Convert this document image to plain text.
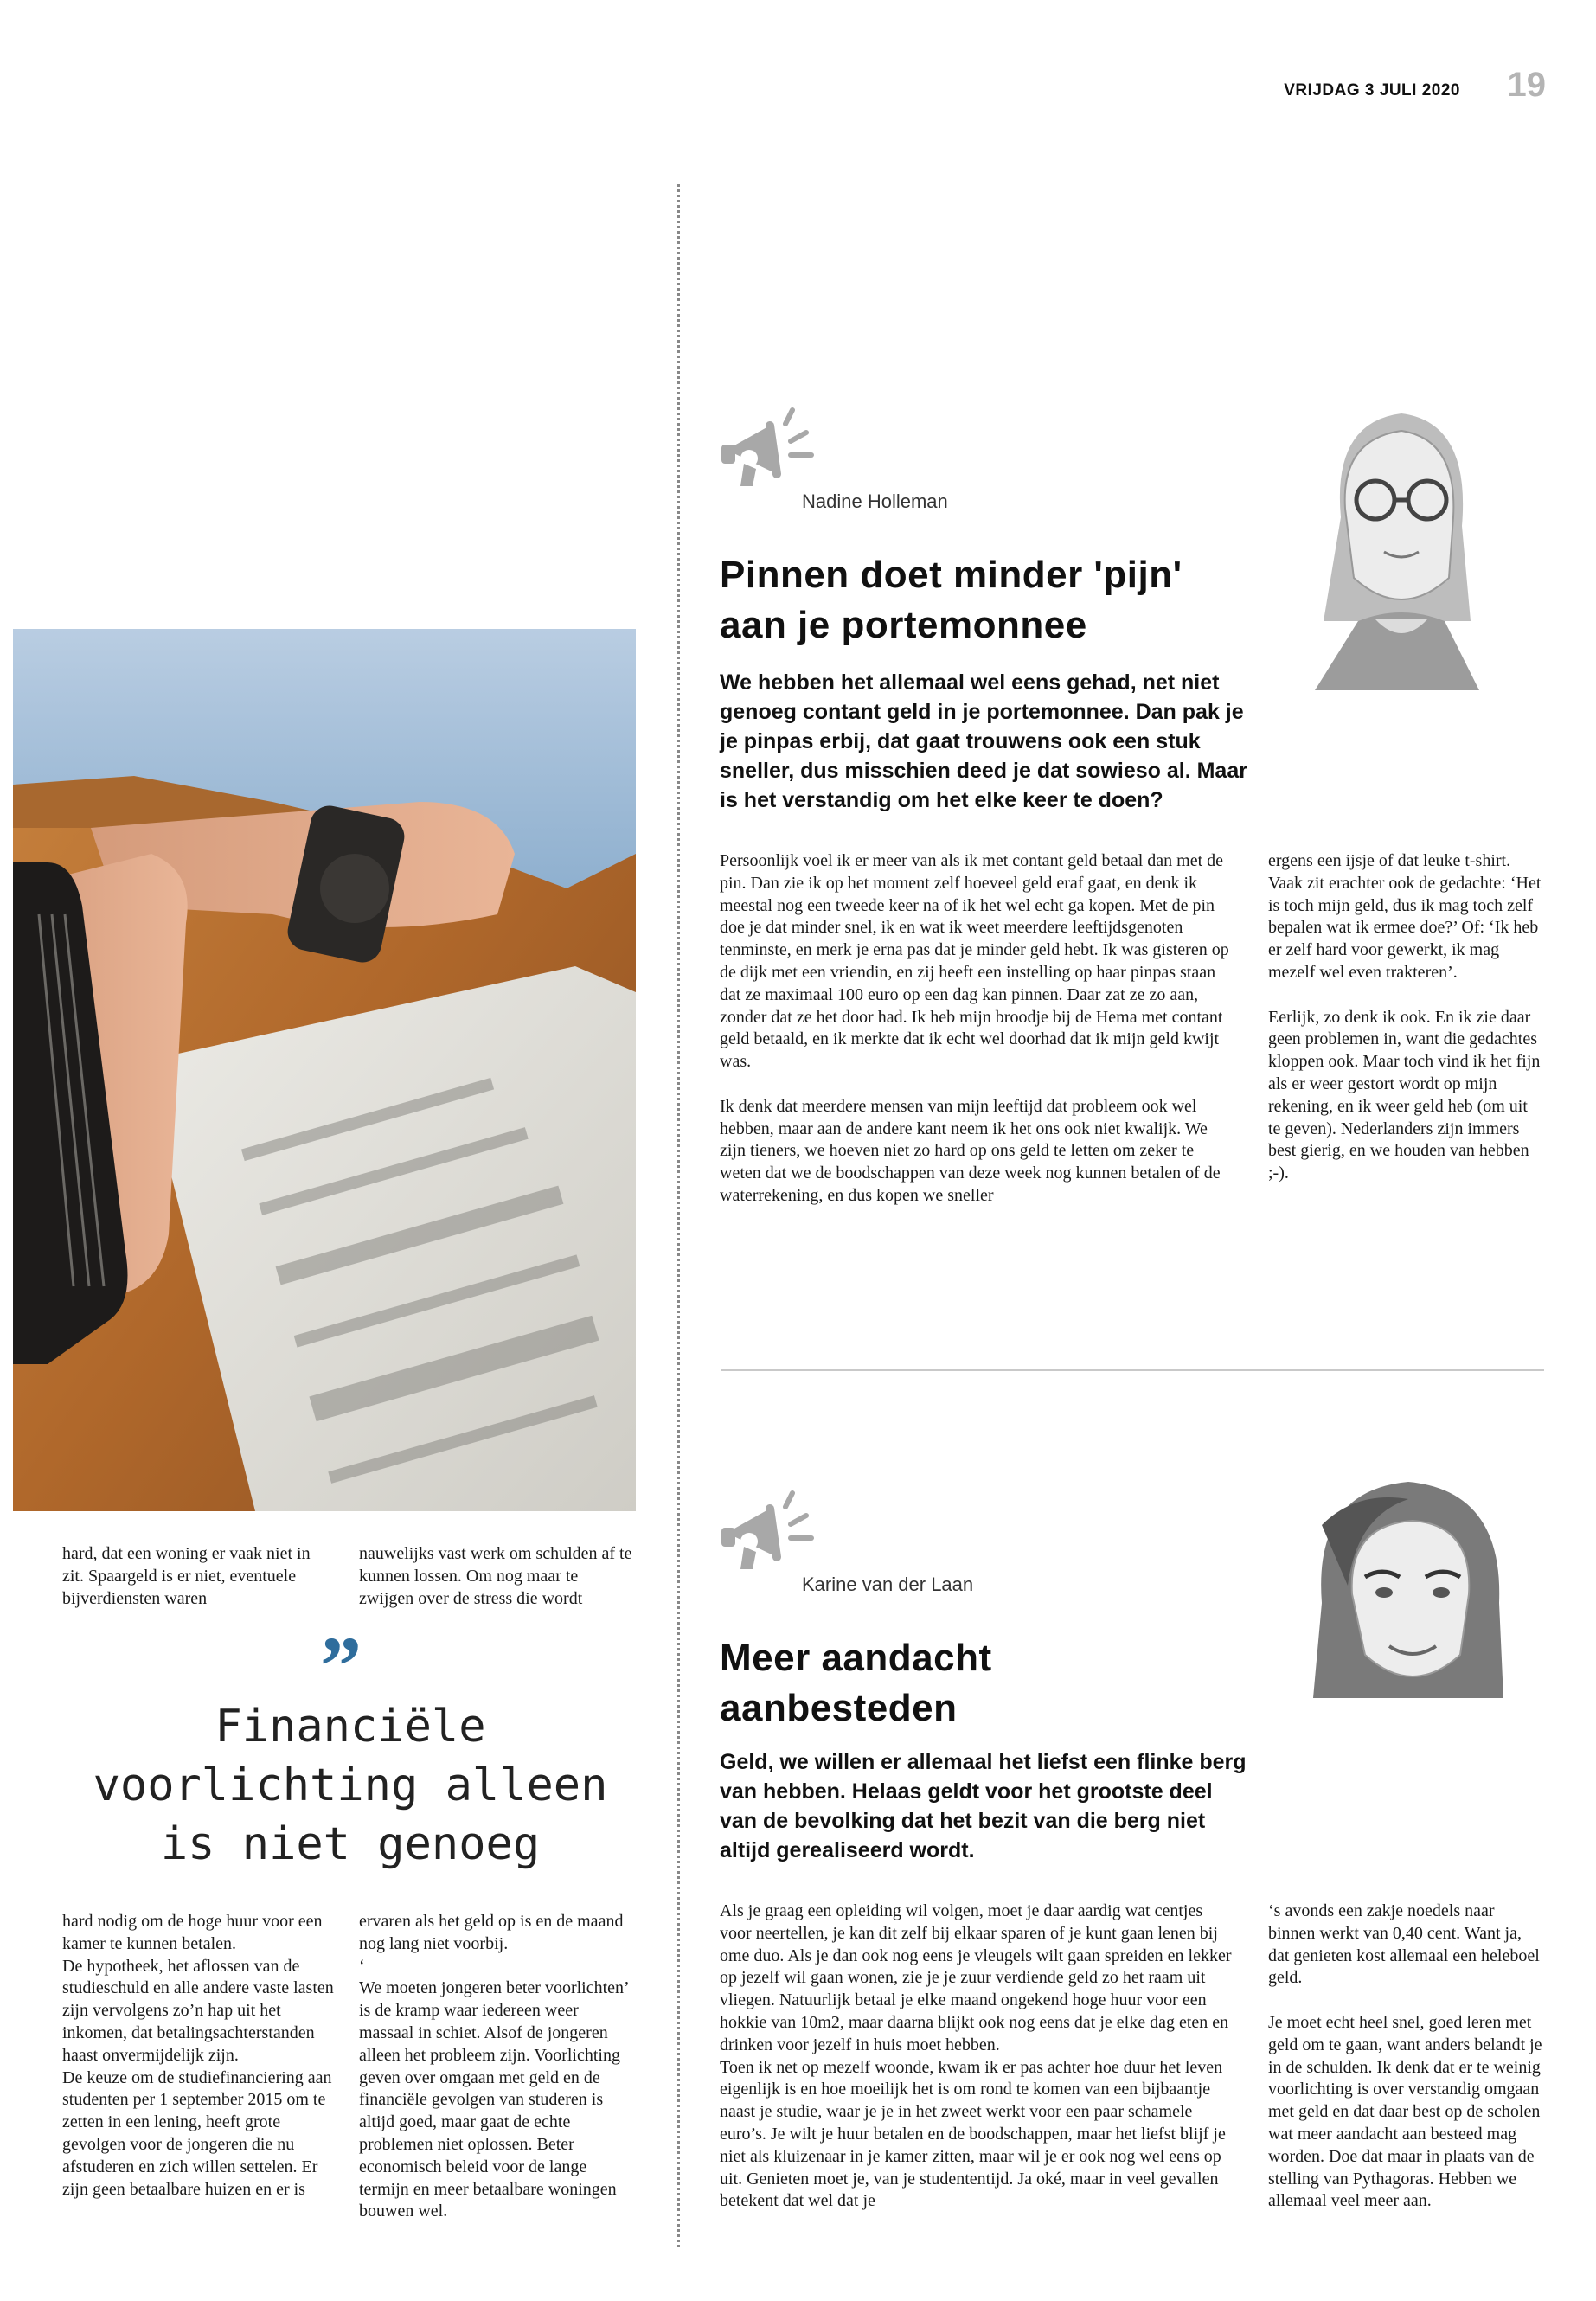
VRIJDAG 3 JULI 2020 19
hard, dat een woning er vaak niet in zit. Spaargeld is er niet, eventuele bijverdiensten waren
nauwelijks vast werk om schulden af te kunnen lossen. Om nog maar te zwijgen over de stress die wordt
”
Financiële
voorlichting alleen
is niet genoeg
hard nodig om de hoge huur voor een kamer te kunnen betalen.
De hypotheek, het aflossen van de studieschuld en alle andere vaste lasten zijn vervolgens zo’n hap uit het inkomen, dat betalingsachterstanden haast onvermijdelijk zijn.
De keuze om de studiefinanciering aan studenten per 1 september 2015 om te zetten in een lening, heeft grote gevolgen voor de jongeren die nu afstuderen en zich willen settelen. Er zijn geen betaalbare huizen en er is
ervaren als het geld op is en de maand nog lang niet voorbij.
‘
We moeten jongeren beter voorlichten’ is de kramp waar iedereen weer massaal in schiet. Alsof de jongeren alleen het probleem zijn. Voorlichting geven over omgaan met geld en de financiële gevolgen van studeren is altijd goed, maar gaat de echte problemen niet oplossen. Beter economisch beleid voor de lange termijn en meer betaalbare woningen bouwen wel.
Nadine Holleman
Pinnen doet minder 'pijn'
aan je portemonnee
We hebben het allemaal wel eens gehad, net niet genoeg contant geld in je portemonnee. Dan pak je je pinpas erbij, dat gaat trouwens ook een stuk sneller, dus misschien deed je dat sowieso al. Maar is het verstandig om het elke keer te doen?
Persoonlijk voel ik er meer van als ik met contant geld betaal dan met de pin. Dan zie ik op het moment zelf hoeveel geld eraf gaat, en denk ik meestal nog een tweede keer na of ik het wel echt ga kopen. Met de pin doe je dat minder snel, ik en wat ik weet meerdere leeftijdsgenoten tenminste, en merk je erna pas dat je minder geld hebt. Ik was gisteren op de dijk met een vriendin, en zij heeft een instelling op haar pinpas staan dat ze maximaal 100 euro op een dag kan pinnen. Daar zat ze zo aan, zonder dat ze het door had. Ik heb mijn broodje bij de Hema met contant geld betaald, en ik merkte dat ik echt wel doorhad dat ik mijn geld kwijt was.

Ik denk dat meerdere mensen van mijn leeftijd dat probleem ook wel hebben, maar aan de andere kant neem ik het ons ook niet kwalijk. We zijn tieners, we hoeven niet zo hard op ons geld te letten om zeker te weten dat we de boodschappen van deze week nog kunnen betalen of de waterrekening, en dus kopen we sneller
ergens een ijsje of dat leuke t-shirt. Vaak zit erachter ook de gedachte: ‘Het is toch mijn geld, dus ik mag toch zelf bepalen wat ik ermee doe?’ Of: ‘Ik heb er zelf hard voor gewerkt, ik mag mezelf wel even trakteren’.

Eerlijk, zo denk ik ook. En ik zie daar geen problemen in, want die gedachtes kloppen ook. Maar toch vind ik het fijn als er weer gestort wordt op mijn rekening, en ik weer geld heb (om uit te geven). Nederlanders zijn immers best gierig, en we houden van hebben ;-).
Karine van der Laan
Meer aandacht
aanbesteden
Geld, we willen er allemaal het liefst een flinke berg van hebben. Helaas geldt voor het grootste deel van de bevolking dat het bezit van die berg niet altijd gerealiseerd wordt.
Als je graag een opleiding wil volgen, moet je daar aardig wat centjes voor neertellen, je kan dit zelf bij elkaar sparen of je kunt gaan lenen bij ome duo. Als je dan ook nog eens je vleugels wilt gaan spreiden en lekker op jezelf wil gaan wonen, zie je je zuur verdiende geld zo het raam uit vliegen. Natuurlijk betaal je elke maand ongekend hoge huur voor een hokkie van 10m2, maar daarna blijkt ook nog eens dat je elke dag eten en drinken voor jezelf in huis moet hebben.
Toen ik net op mezelf woonde, kwam ik er pas achter hoe duur het leven eigenlijk is en hoe moeilijk het is om rond te komen van een bijbaantje naast je studie, waar je je in het zweet werkt voor een paar schamele euro’s. Je wilt je huur betalen en de boodschappen, maar het liefst blijf je niet als kluizenaar in je kamer zitten, maar wil je er ook nog wel eens op uit. Genieten moet je, van je studententijd. Ja oké, maar in veel gevallen betekent dat wel dat je
‘s avonds een zakje noedels naar binnen werkt van 0,40 cent. Want ja, dat genieten kost allemaal een heleboel geld.

Je moet echt heel snel, goed leren met geld om te gaan, want anders belandt je in de schulden. Ik denk dat er te weinig voorlichting is over verstandig omgaan met geld en dat daar best op de scholen wat meer aandacht aan besteed mag worden. Doe dat maar in plaats van de stelling van Pythagoras. Hebben we allemaal veel meer aan.
